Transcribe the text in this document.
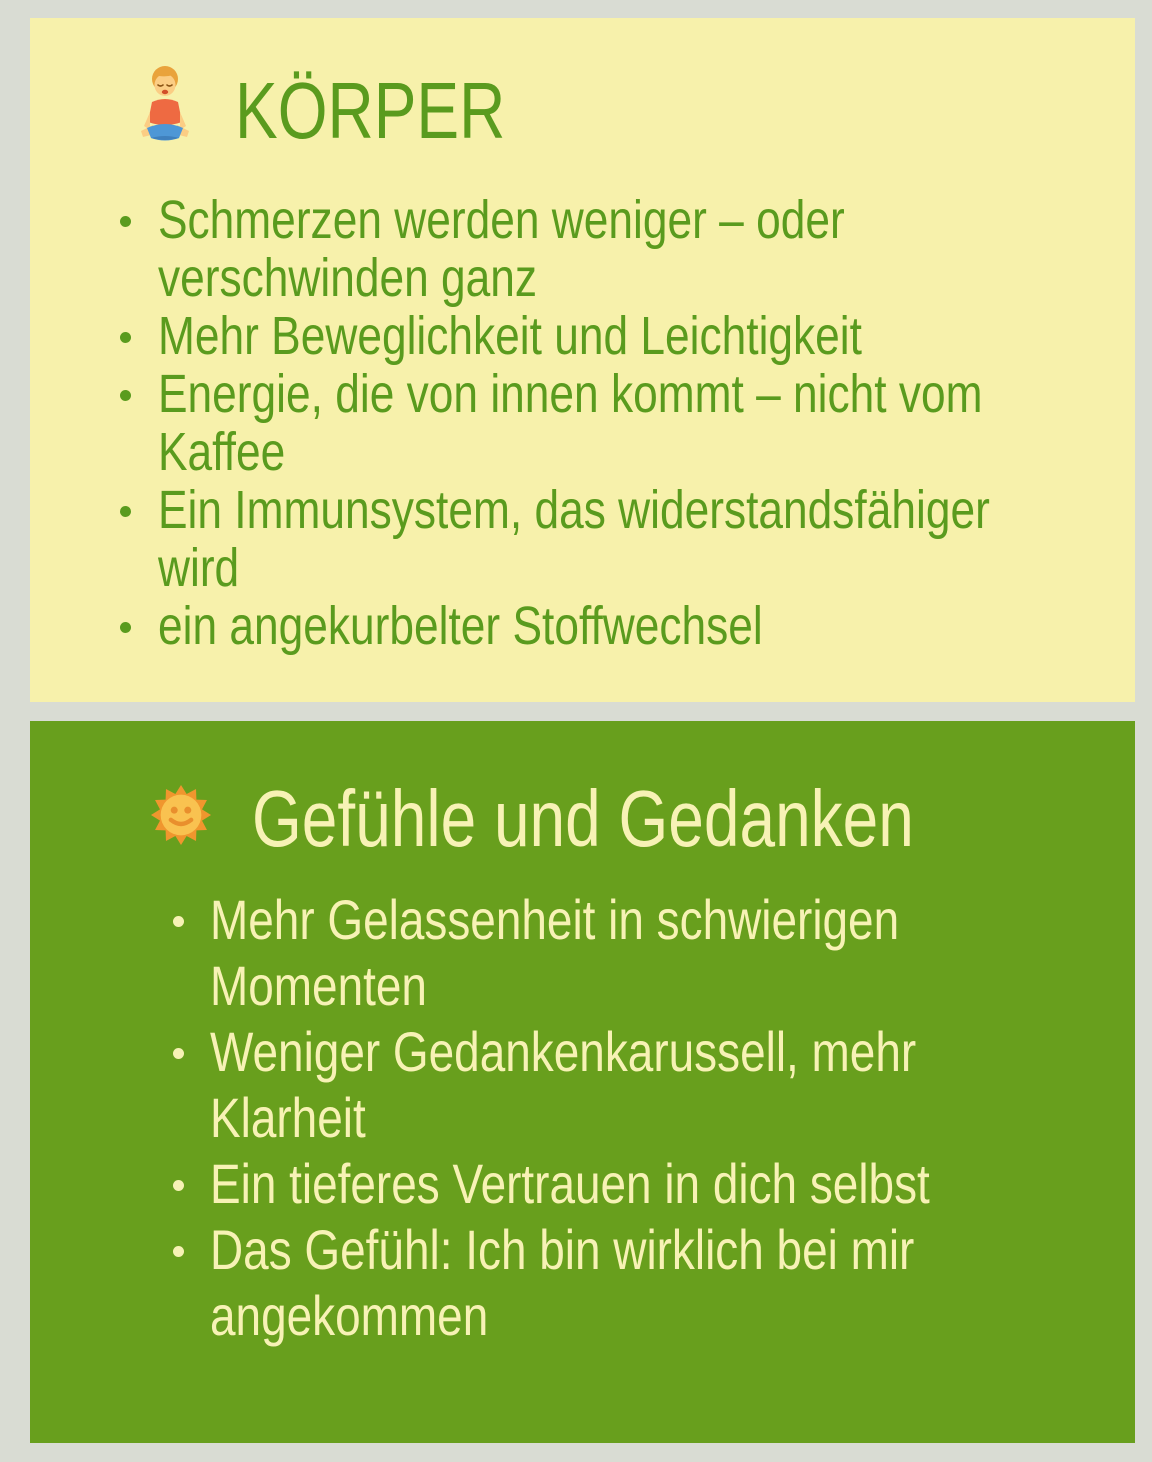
KÖRPER
Schmerzen werden weniger – oder
verschwinden ganz
Mehr Beweglichkeit und Leichtigkeit
Energie, die von innen kommt – nicht vom
Kaffee
Ein Immunsystem, das widerstandsfähiger
wird
ein angekurbelter Stoffwechsel
Gefühle und Gedanken
Mehr Gelassenheit in schwierigen
Momenten
Weniger Gedankenkarussell, mehr
Klarheit
Ein tieferes Vertrauen in dich selbst
Das Gefühl: Ich bin wirklich bei mir
angekommen
